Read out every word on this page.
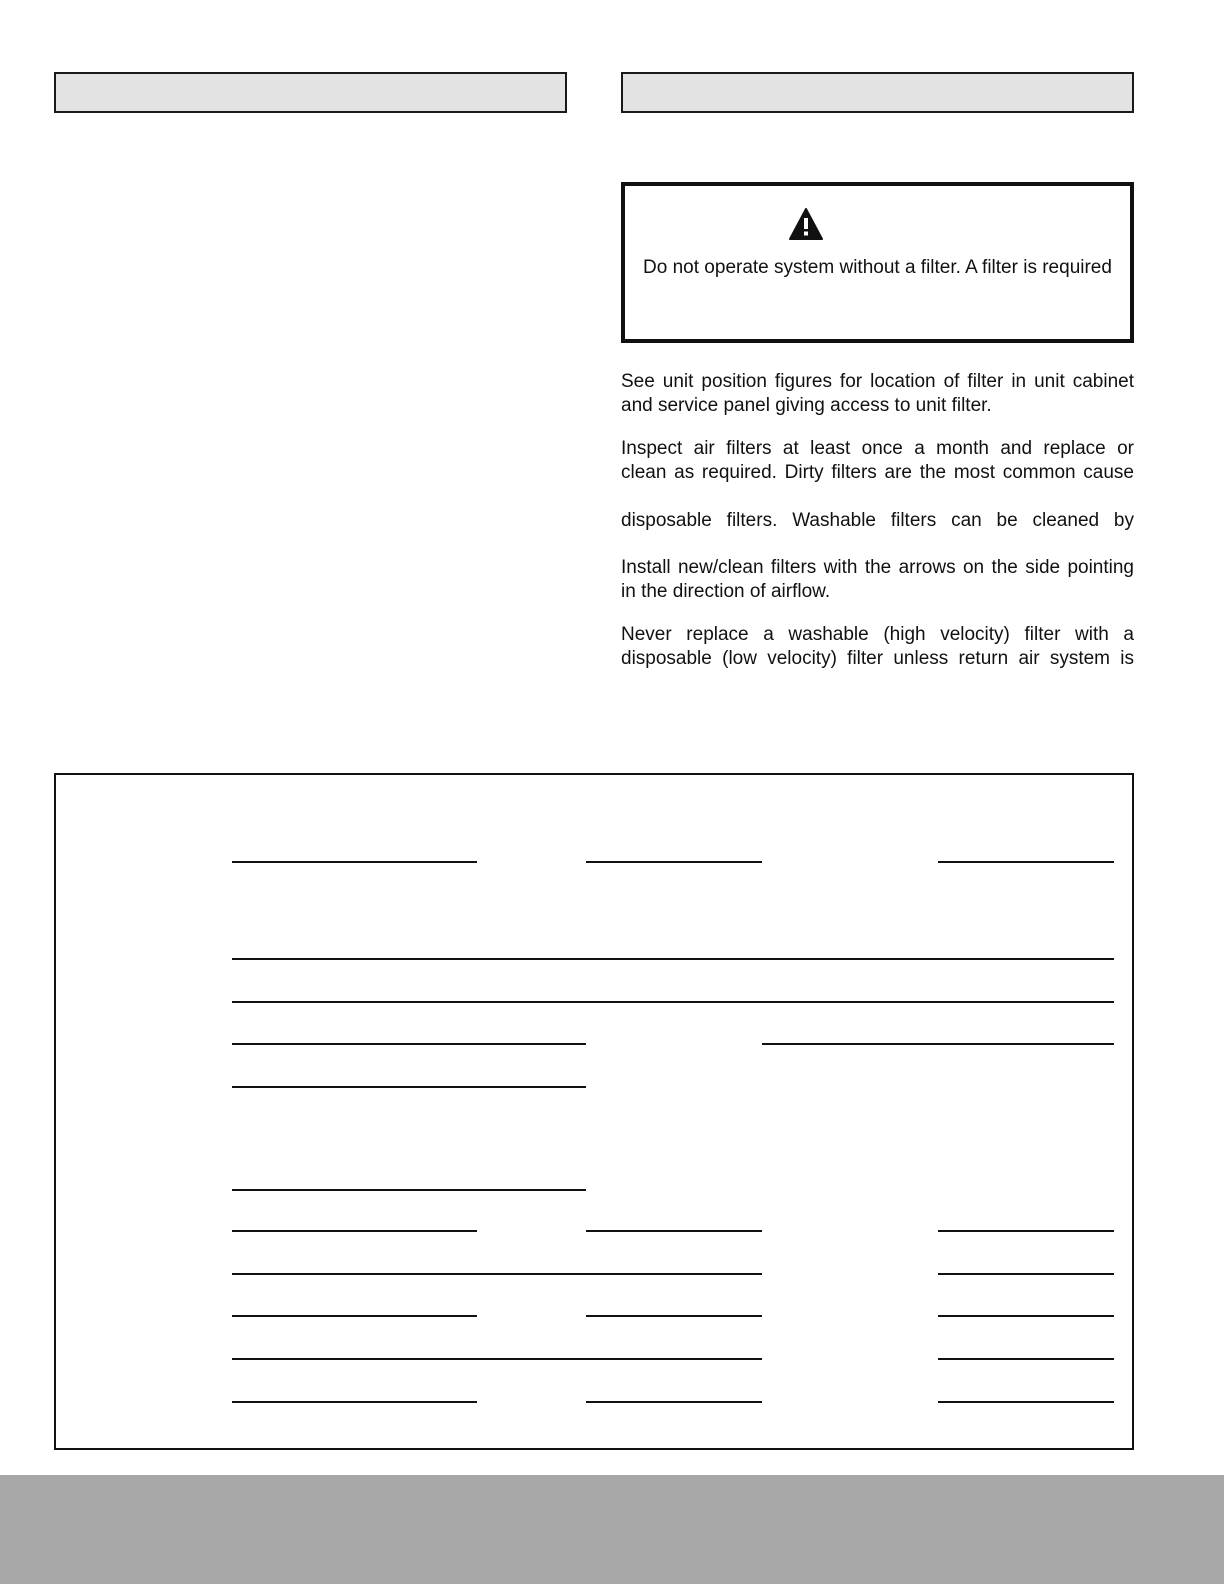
Do not operate system without a filter. A filter is required

See unit position figures for location of filter in unit cabinet
and service panel giving access to unit filter.

Inspect air filters at least once a month and replace or
clean as required. Dirty filters are the most common cause

disposable filters. Washable filters can be cleaned by

Install new/clean filters with the arrows on the side pointing
in the direction of airflow.

Never replace a washable (high velocity) filter with a
disposable (low velocity) filter unless return air system is
